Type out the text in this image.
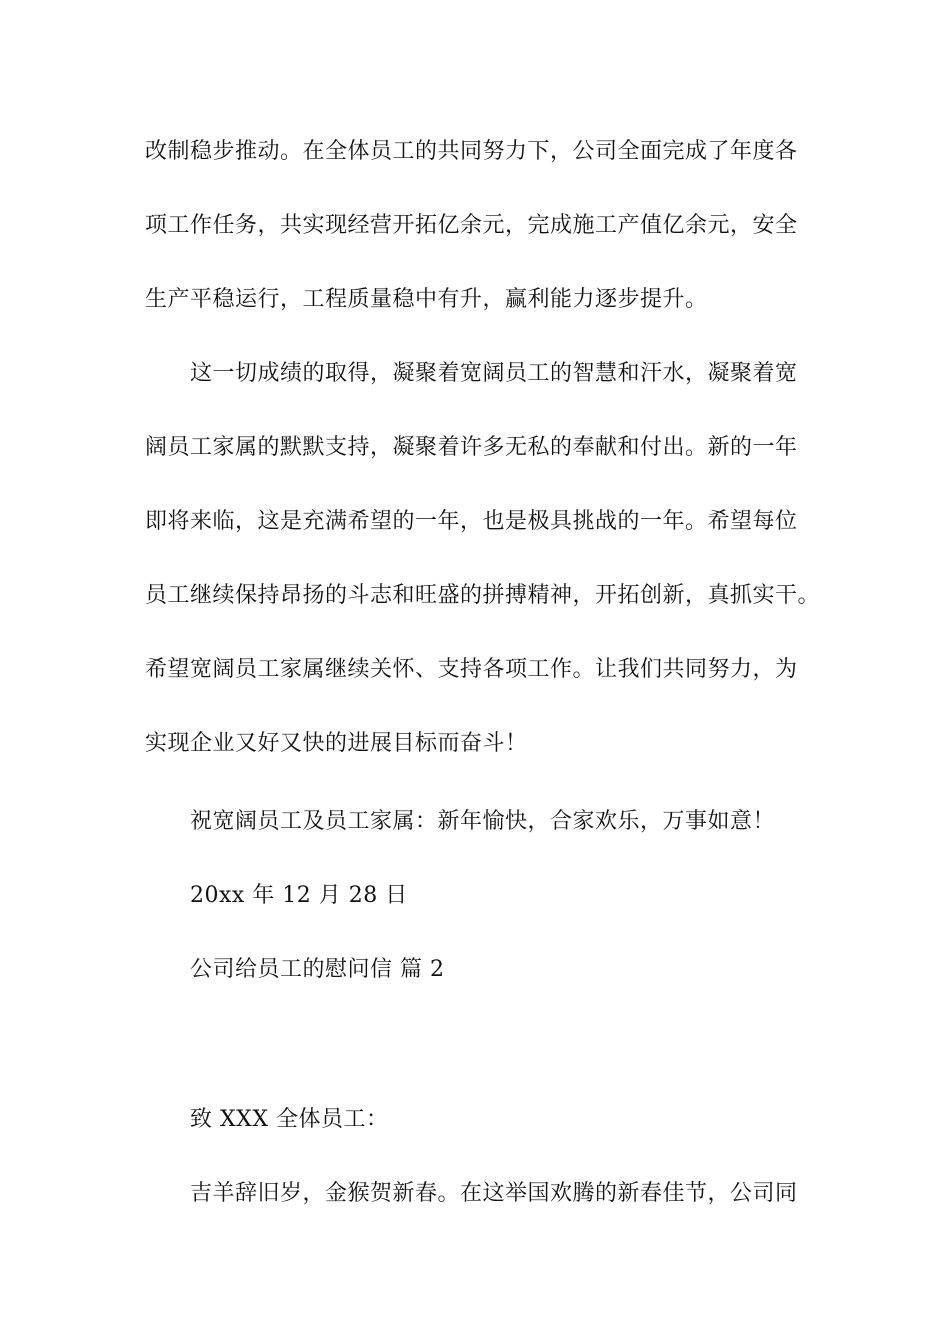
改制稳步推动。在全体员工的共同努力下，公司全面完成了年度各
项工作任务，共实现经营开拓亿余元，完成施工产值亿余元，安全
生产平稳运行，工程质量稳中有升，赢利能力逐步提升。
这一切成绩的取得，凝聚着宽阔员工的智慧和汗水，凝聚着宽
阔员工家属的默默支持，凝聚着许多无私的奉献和付出。新的一年
即将来临，这是充满希望的一年，也是极具挑战的一年。希望每位
员工继续保持昂扬的斗志和旺盛的拼搏精神，开拓创新，真抓实干。
希望宽阔员工家属继续关怀、支持各项工作。让我们共同努力，为
实现企业又好又快的进展目标而奋斗！
祝宽阔员工及员工家属：新年愉快，合家欢乐，万事如意！
20xx 年 12 月 28 日
公司给员工的慰问信 篇 2
致 XXX 全体员工：
吉羊辞旧岁，金猴贺新春。在这举国欢腾的新春佳节，公司同
